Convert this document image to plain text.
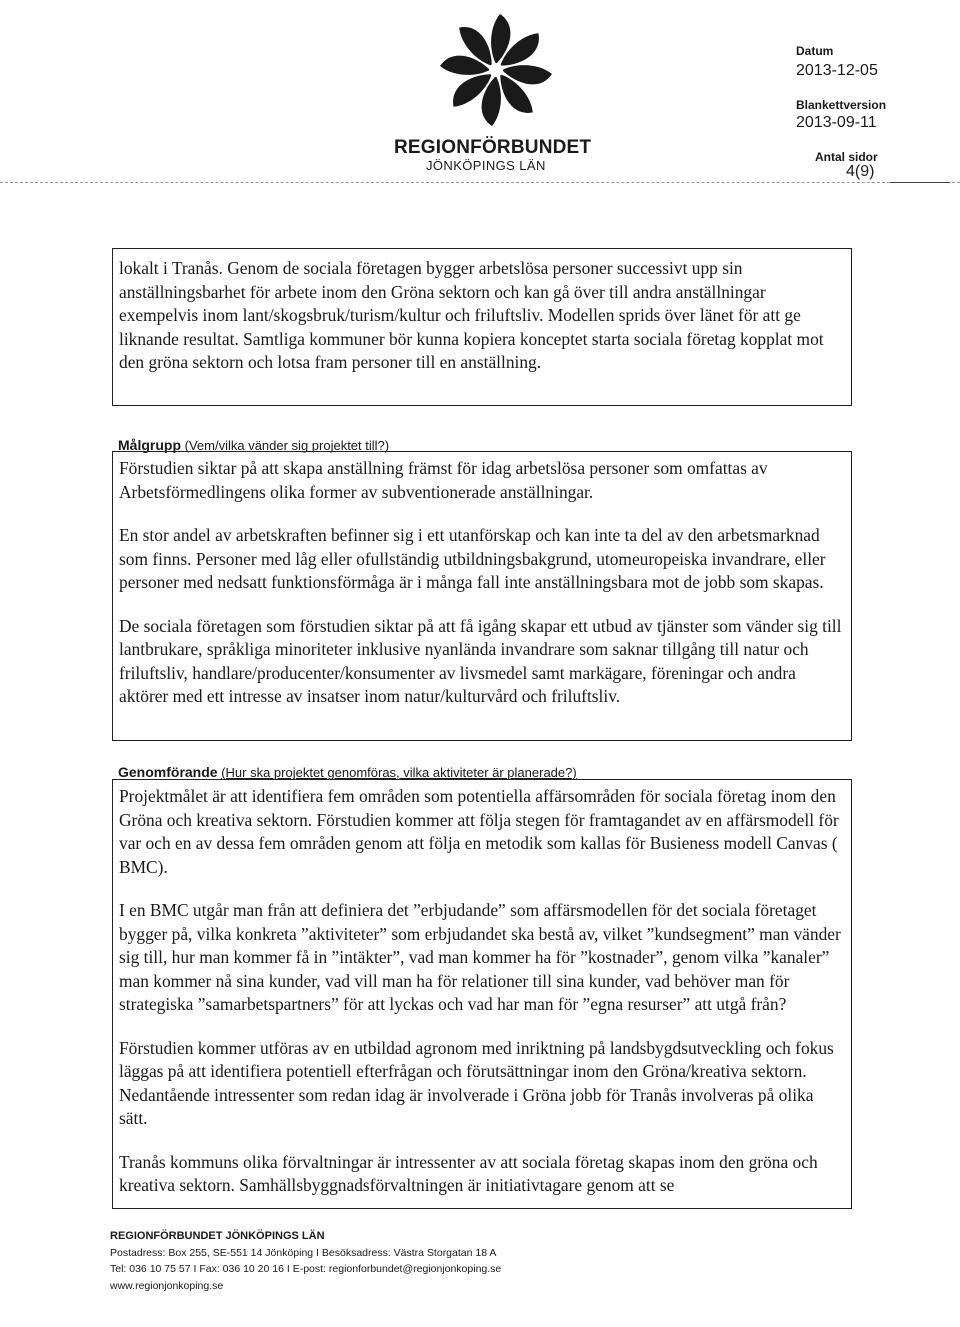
REGIONFÖRBUNDET
JÖNKÖPINGS LÄN
Datum
2013-12-05
Blankettversion
2013-09-11
Antal sidor
4(9)

lokalt i Tranås. Genom de sociala företagen bygger arbetslösa personer successivt upp sin anställningsbarhet för arbete inom den Gröna sektorn och kan gå över till andra anställningar exempelvis inom lant/skogsbruk/turism/kultur och friluftsliv. Modellen sprids över länet för att ge liknande resultat. Samtliga kommuner bör kunna kopiera konceptet starta sociala företag kopplat mot den gröna sektorn och lotsa fram personer till en anställning.

Målgrupp (Vem/vilka vänder sig projektet till?)

Förstudien siktar på att skapa anställning främst för idag arbetslösa personer som omfattas av Arbetsförmedlingens olika former av subventionerade anställningar.

En stor andel av arbetskraften befinner sig i ett utanförskap och kan inte ta del av den arbetsmarknad som finns. Personer med låg eller ofullständig utbildningsbakgrund, utomeuropeiska invandrare, eller personer med nedsatt funktionsförmåga är i många fall inte anställningsbara mot de jobb som skapas.

De sociala företagen som förstudien siktar på att få igång skapar ett utbud av tjänster som vänder sig till lantbrukare, språkliga minoriteter inklusive nyanlända invandrare som saknar tillgång till natur och friluftsliv, handlare/producenter/konsumenter av livsmedel samt markägare, föreningar och andra aktörer med ett intresse av insatser inom natur/kulturvård och friluftsliv.

Genomförande (Hur ska projektet genomföras, vilka aktiviteter är planerade?)

Projektmålet är att identifiera fem områden som potentiella affärsområden för sociala företag inom den Gröna och kreativa sektorn. Förstudien kommer att följa stegen för framtagandet av en affärsmodell för var och en av dessa fem områden genom att följa en metodik som kallas för Busieness modell Canvas ( BMC).

I en BMC utgår man från att definiera det ”erbjudande” som affärsmodellen för det sociala företaget bygger på, vilka konkreta ”aktiviteter” som erbjudandet ska bestå av, vilket ”kundsegment” man vänder sig till, hur man kommer få in ”intäkter”, vad man kommer ha för ”kostnader”, genom vilka ”kanaler” man kommer nå sina kunder, vad vill man ha för relationer till sina kunder, vad behöver man för strategiska ”samarbetspartners” för att lyckas och vad har man för ”egna resurser” att utgå från?

Förstudien kommer utföras av en utbildad agronom med inriktning på landsbygdsutveckling och fokus läggas på att identifiera potentiell efterfrågan och förutsättningar inom den Gröna/kreativa sektorn. Nedantående intressenter som redan idag är involverade i Gröna jobb för Tranås involveras på olika sätt.

Tranås kommuns olika förvaltningar är intressenter av att sociala företag skapas inom den gröna och kreativa sektorn. Samhällsbyggnadsförvaltningen är initiativtagare genom att se

REGIONFÖRBUNDET JÖNKÖPINGS LÄN
Postadress: Box 255, SE-551 14 Jönköping I Besöksadress: Västra Storgatan 18 A
Tel: 036 10 75 57 I Fax: 036 10 20 16 I E-post: regionforbundet@regionjonkoping.se
www.regionjonkoping.se
